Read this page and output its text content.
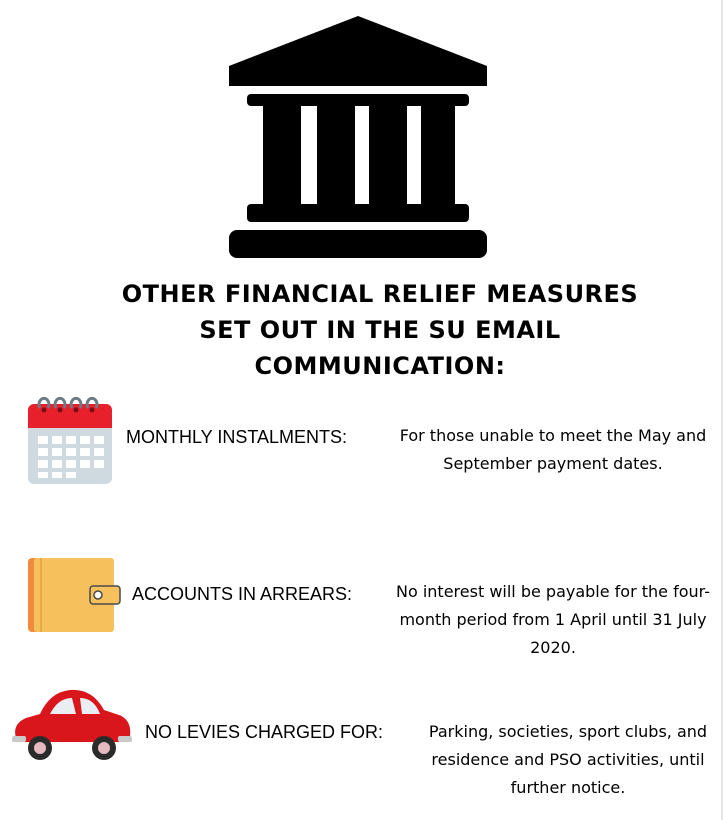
OTHER FINANCIAL RELIEF MEASURES
SET OUT IN THE SU EMAIL
COMMUNICATION:
MONTHLY INSTALMENTS:	For those unable to meet the May and
September payment dates.
ACCOUNTS IN ARREARS:	No interest will be payable for the four-
month period from 1 April until 31 July
2020.
NO LEVIES CHARGED FOR:	Parking, societies, sport clubs, and
residence and PSO activities, until
further notice.
